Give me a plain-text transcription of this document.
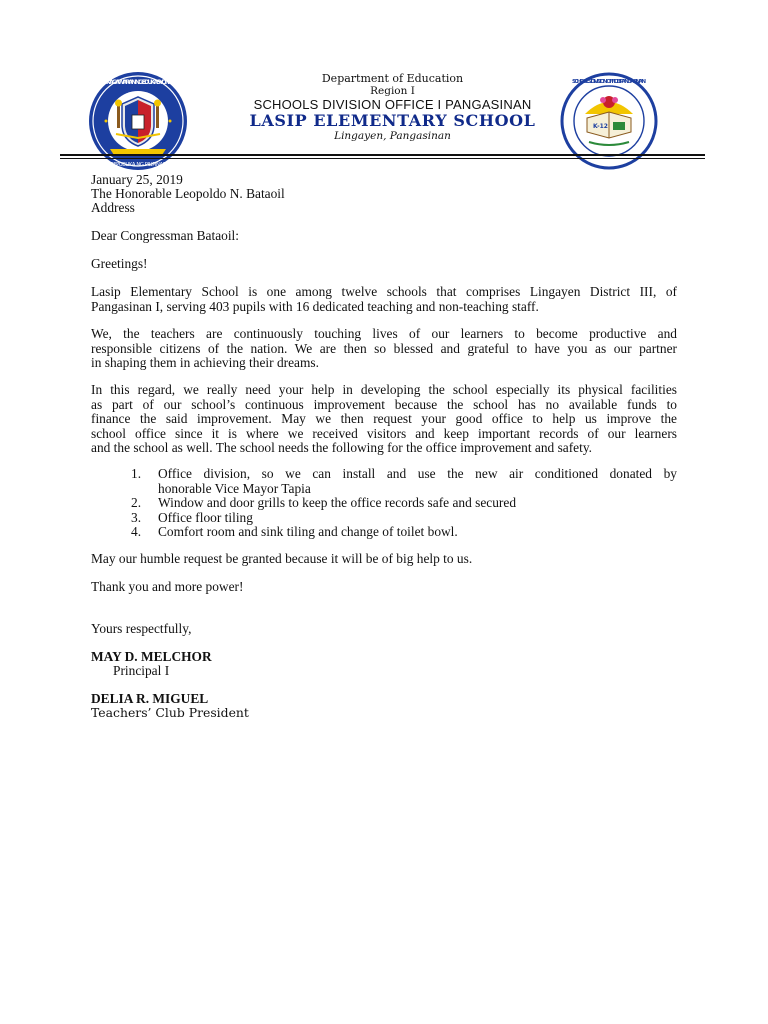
KAGAWARAN NG EDUKASYON
REPUBLIKA NG PILIPINAS
K-12
SCHOOLS DIVISION OFFICE I PANGASINAN
Department of Education
Region I
SCHOOLS DIVISION OFFICE I PANGASINAN
LASIP ELEMENTARY SCHOOL
Lingayen, Pangasinan
January 25, 2019
The Honorable Leopoldo N. Bataoil
Address
Dear Congressman Bataoil:
Greetings!
Lasip Elementary School is one among twelve schools that comprises Lingayen District III, of
Pangasinan I, serving 403 pupils with 16 dedicated teaching and non-teaching staff.
We, the teachers are continuously touching lives of our learners to become productive and
responsible citizens of the nation. We are then so blessed and grateful to have you as our partner
in shaping them in achieving their dreams.
In this regard, we really need your help in developing the school especially its physical facilities
as part of our school’s continuous improvement because the school has no available funds to
finance the said improvement. May we then request your good office to help us improve the
school office since it is where we received visitors and keep important records of our learners
and the school as well. The school needs the following for the office improvement and safety.
1. Office division, so we can install and use the new air conditioned donated by
honorable Vice Mayor Tapia
2. Window and door grills to keep the office records safe and secured
3. Office floor tiling
4. Comfort room and sink tiling and change of toilet bowl.
May our humble request be granted because it will be of big help to us.
Thank you and more power!
Yours respectfully,
MAY D. MELCHOR
Principal I
DELIA R. MIGUEL
Teachers’ Club President
